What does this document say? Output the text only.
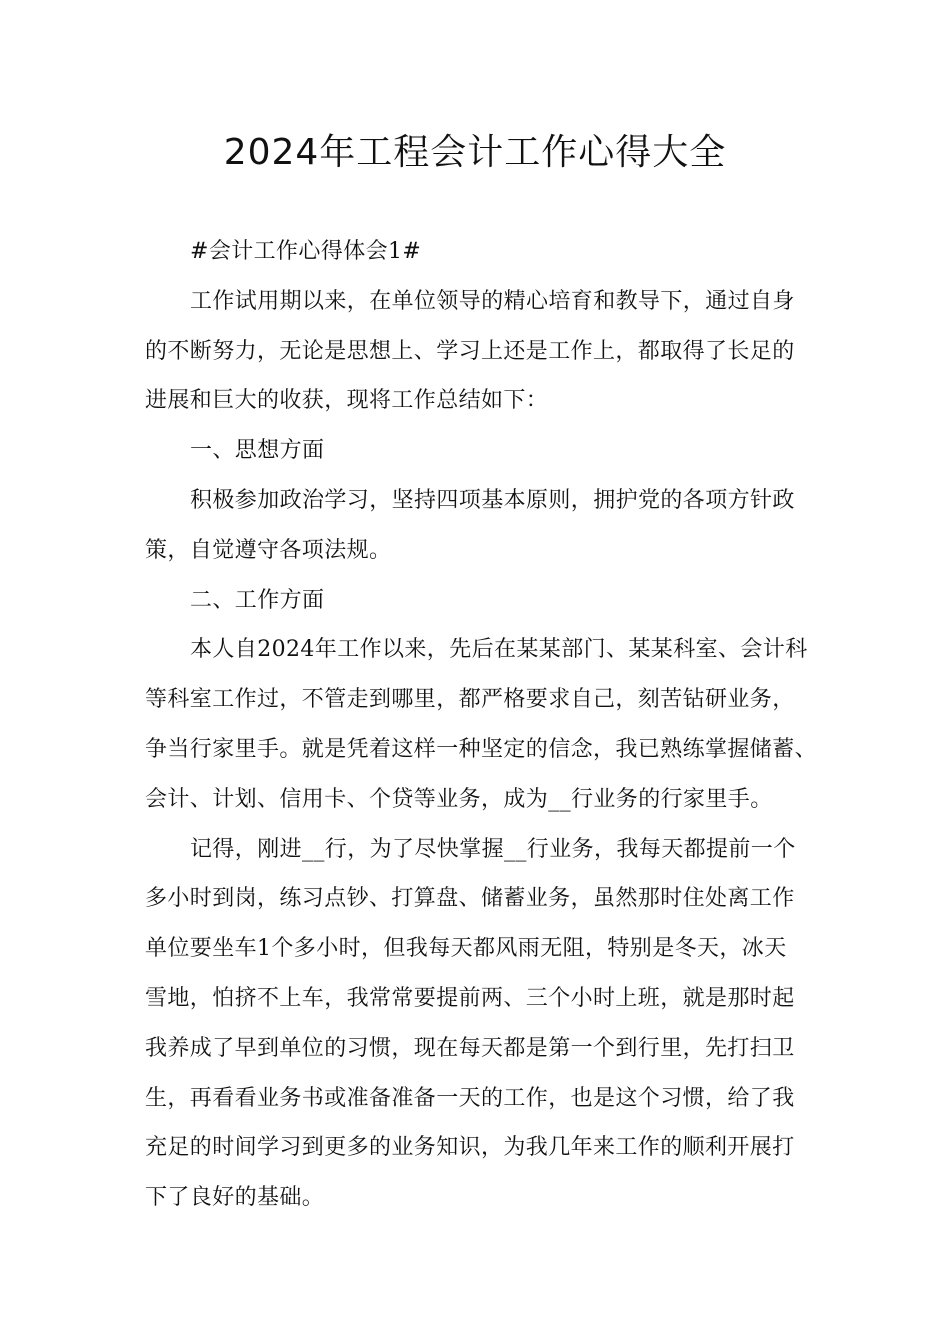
2024年工程会计工作心得大全
#会计工作心得体会1#
工作试用期以来，在单位领导的精心培育和教导下，通过自身
的不断努力，无论是思想上、学习上还是工作上，都取得了长足的
进展和巨大的收获，现将工作总结如下：
一、思想方面
积极参加政治学习，坚持四项基本原则，拥护党的各项方针政
策，自觉遵守各项法规。
二、工作方面
本人自2024年工作以来，先后在某某部门、某某科室、会计科
等科室工作过，不管走到哪里，都严格要求自己，刻苦钻研业务，
争当行家里手。就是凭着这样一种坚定的信念，我已熟练掌握储蓄、
会计、计划、信用卡、个贷等业务，成为__行业务的行家里手。
记得，刚进__行，为了尽快掌握__行业务，我每天都提前一个
多小时到岗，练习点钞、打算盘、储蓄业务，虽然那时住处离工作
单位要坐车1个多小时，但我每天都风雨无阻，特别是冬天，冰天
雪地，怕挤不上车，我常常要提前两、三个小时上班，就是那时起
我养成了早到单位的习惯，现在每天都是第一个到行里，先打扫卫
生，再看看业务书或准备准备一天的工作，也是这个习惯，给了我
充足的时间学习到更多的业务知识，为我几年来工作的顺利开展打
下了良好的基础。
